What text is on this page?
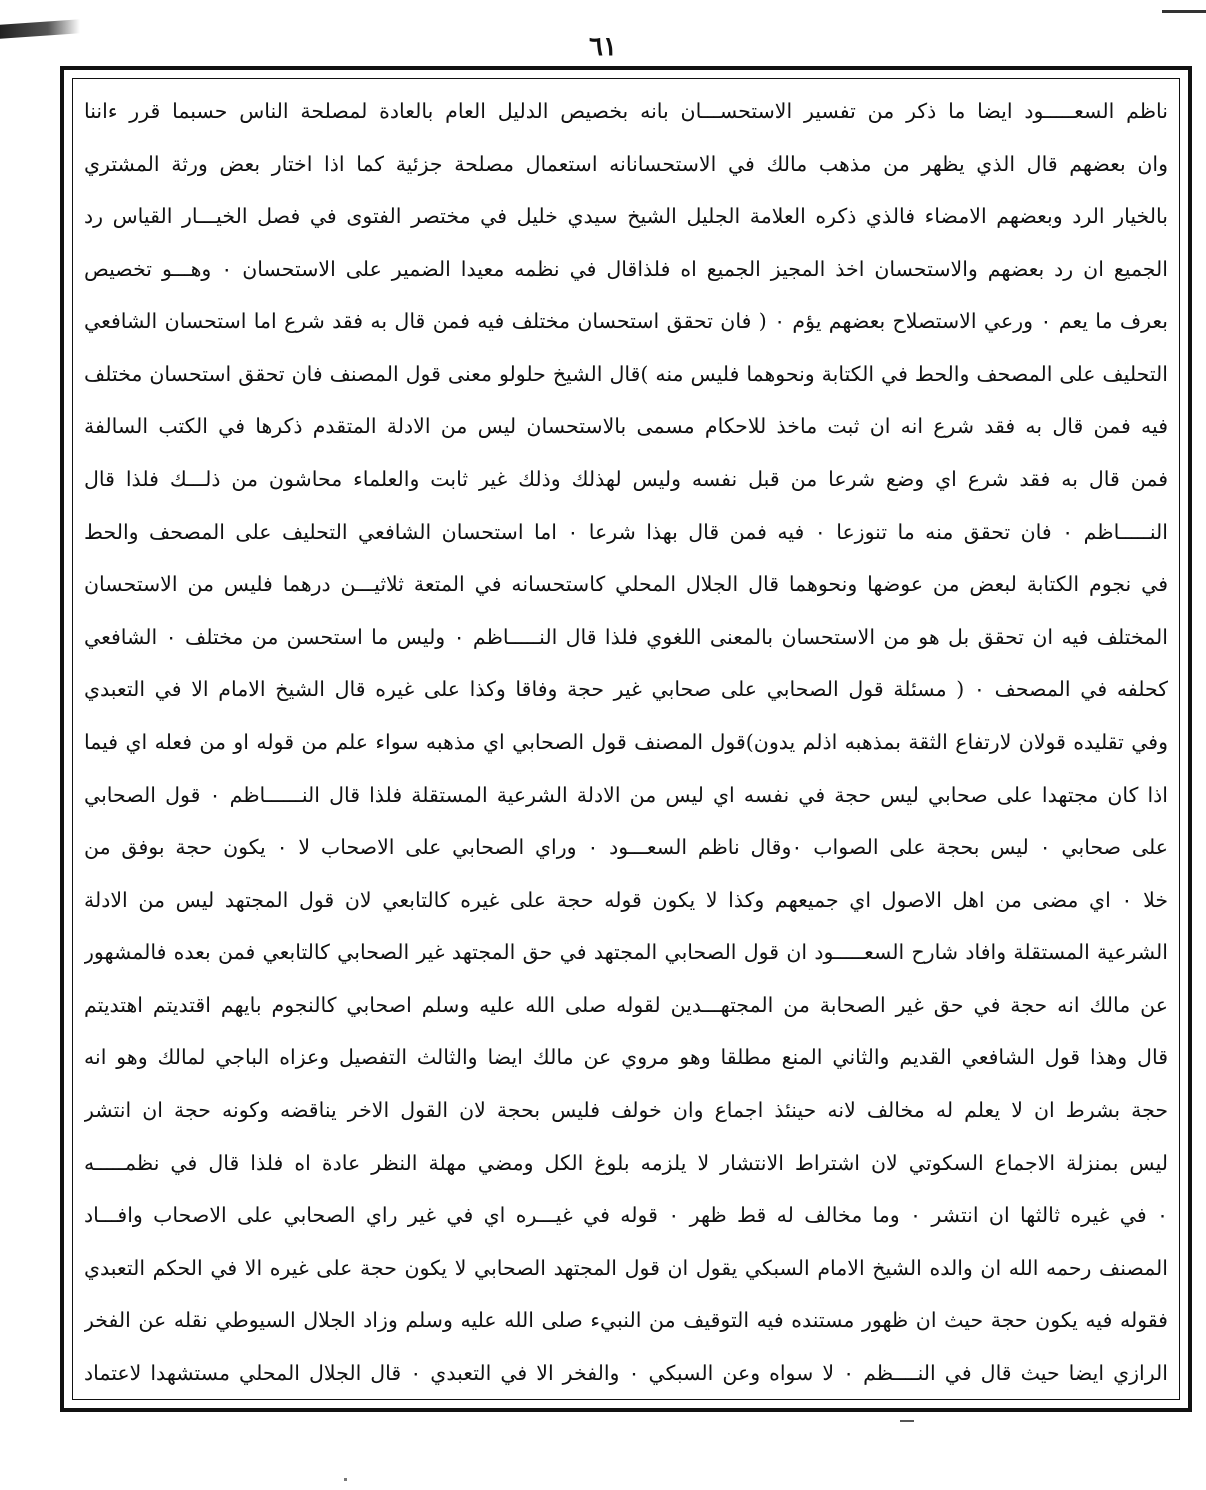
٦١
ناظم السعـــــود ايضا ما ذكر من تفسير الاستحســـان بانه بخصيص الدليل العام بالعادة لمصلحة الناس حسبما قرر ءاننا
وان بعضهم قال الذي يظهر من مذهب مالك في الاستحسانانه استعمال مصلحة جزئية كما اذا اختار بعض ورثة المشتري
بالخيار الرد وبعضهم الامضاء فالذي ذكره العلامة الجليل الشيخ سيدي خليل في مختصر الفتوى في فصل الخيـــار القياس رد
الجميع ان رد بعضهم والاستحسان اخذ المجيز الجميع اه فلذاقال في نظمه معيدا الضمير على الاستحسان ٠ وهـــو تخصيص
بعرف ما يعم ٠ ورعي الاستصلاح بعضهم يؤم ٠ ( فان تحقق استحسان مختلف فيه فمن قال به فقد شرع اما استحسان الشافعي
التحليف على المصحف والحط في الكتابة ونحوهما فليس منه )قال الشيخ حلولو معنى قول المصنف فان تحقق استحسان مختلف
فيه فمن قال به فقد شرع انه ان ثبت ماخذ للاحكام مسمى بالاستحسان ليس من الادلة المتقدم ذكرها في الكتب السالفة
فمن قال به فقد شرع اي وضع شرعا من قبل نفسه وليس لهذلك وذلك غير ثابت والعلماء محاشون من ذلـــك فلذا قال
النـــــاظم ٠ فان تحقق منه ما تنوزعا ٠ فيه فمن قال بهذا شرعا ٠ اما استحسان الشافعي التحليف على المصحف والحط
في نجوم الكتابة لبعض من عوضها ونحوهما قال الجلال المحلي كاستحسانه في المتعة ثلاثيـــن درهما فليس من الاستحسان
المختلف فيه ان تحقق بل هو من الاستحسان بالمعنى اللغوي فلذا قال النـــــاظم ٠ وليس ما استحسن من مختلف ٠ الشافعي
كحلفه في المصحف ٠ ( مسئلة قول الصحابي على صحابي غير حجة وفاقا وكذا على غيره قال الشيخ الامام الا في التعبدي
وفي تقليده قولان لارتفاع الثقة بمذهبه اذلم يدون)قول المصنف قول الصحابي اي مذهبه سواء علم من قوله او من فعله اي فيما
اذا كان مجتهدا على صحابي ليس حجة في نفسه اي ليس من الادلة الشرعية المستقلة فلذا قال النــــــاظم ٠ قول الصحابي
على صحابي ٠ ليس بحجة على الصواب ٠وقال ناظم السعـــود ٠ وراي الصحابي على الاصحاب لا ٠ يكون حجة بوفق من
خلا ٠ اي مضى من اهل الاصول اي جميعهم وكذا لا يكون قوله حجة على غيره كالتابعي لان قول المجتهد ليس من الادلة
الشرعية المستقلة وافاد شارح السعـــــود ان قول الصحابي المجتهد في حق المجتهد غير الصحابي كالتابعي فمن بعده فالمشهور
عن مالك انه حجة في حق غير الصحابة من المجتهـــدين لقوله صلى الله عليه وسلم اصحابي كالنجوم بايهم اقتديتم اهتديتم
قال وهذا قول الشافعي القديم والثاني المنع مطلقا وهو مروي عن مالك ايضا والثالث التفصيل وعزاه الباجي لمالك وهو انه
حجة بشرط ان لا يعلم له مخالف لانه حينئذ اجماع وان خولف فليس بحجة لان القول الاخر يناقضه وكونه حجة ان انتشر
ليس بمنزلة الاجماع السكوتي لان اشتراط الانتشار لا يلزمه بلوغ الكل ومضي مهلة النظر عادة اه فلذا قال في نظمـــــه
٠ في غيره ثالثها ان انتشر ٠ وما مخالف له قط ظهر ٠ قوله في غيـــره اي في غير راي الصحابي على الاصحاب وافـــاد
المصنف رحمه الله ان والده الشيخ الامام السبكي يقول ان قول المجتهد الصحابي لا يكون حجة على غيره الا في الحكم التعبدي
فقوله فيه يكون حجة حيث ان ظهور مستنده فيه التوقيف من النبيء صلى الله عليه وسلم وزاد الجلال السيوطي نقله عن الفخر
الرازي ايضا حيث قال في النــــظم ٠ لا سواه وعن السبكي ٠ والفخر الا في التعبدي ٠ قال الجلال المحلي مستشهدا لاعتماد
